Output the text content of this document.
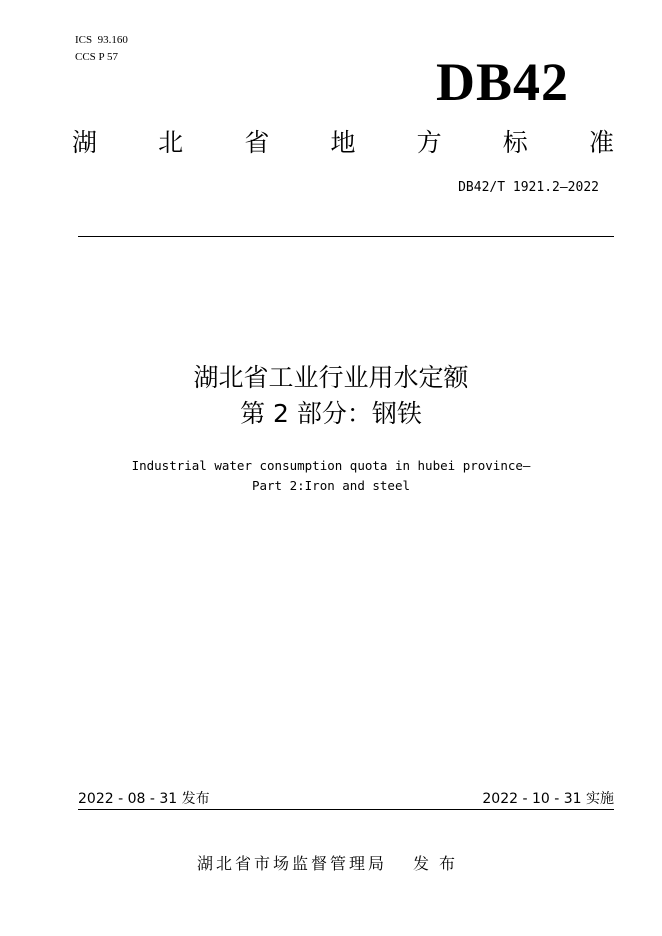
ICS  93.160
CCS P 57	DB42
湖 北 省 地 方 标 准
DB42/T 1921.2—2022
湖北省工业行业用水定额
第 2 部分：钢铁
Industrial water consumption quota in hubei province—
Part 2:Iron and steel
2022 - 08 - 31 发布	2022 - 10 - 31 实施
湖北省市场监督管理局 发布
